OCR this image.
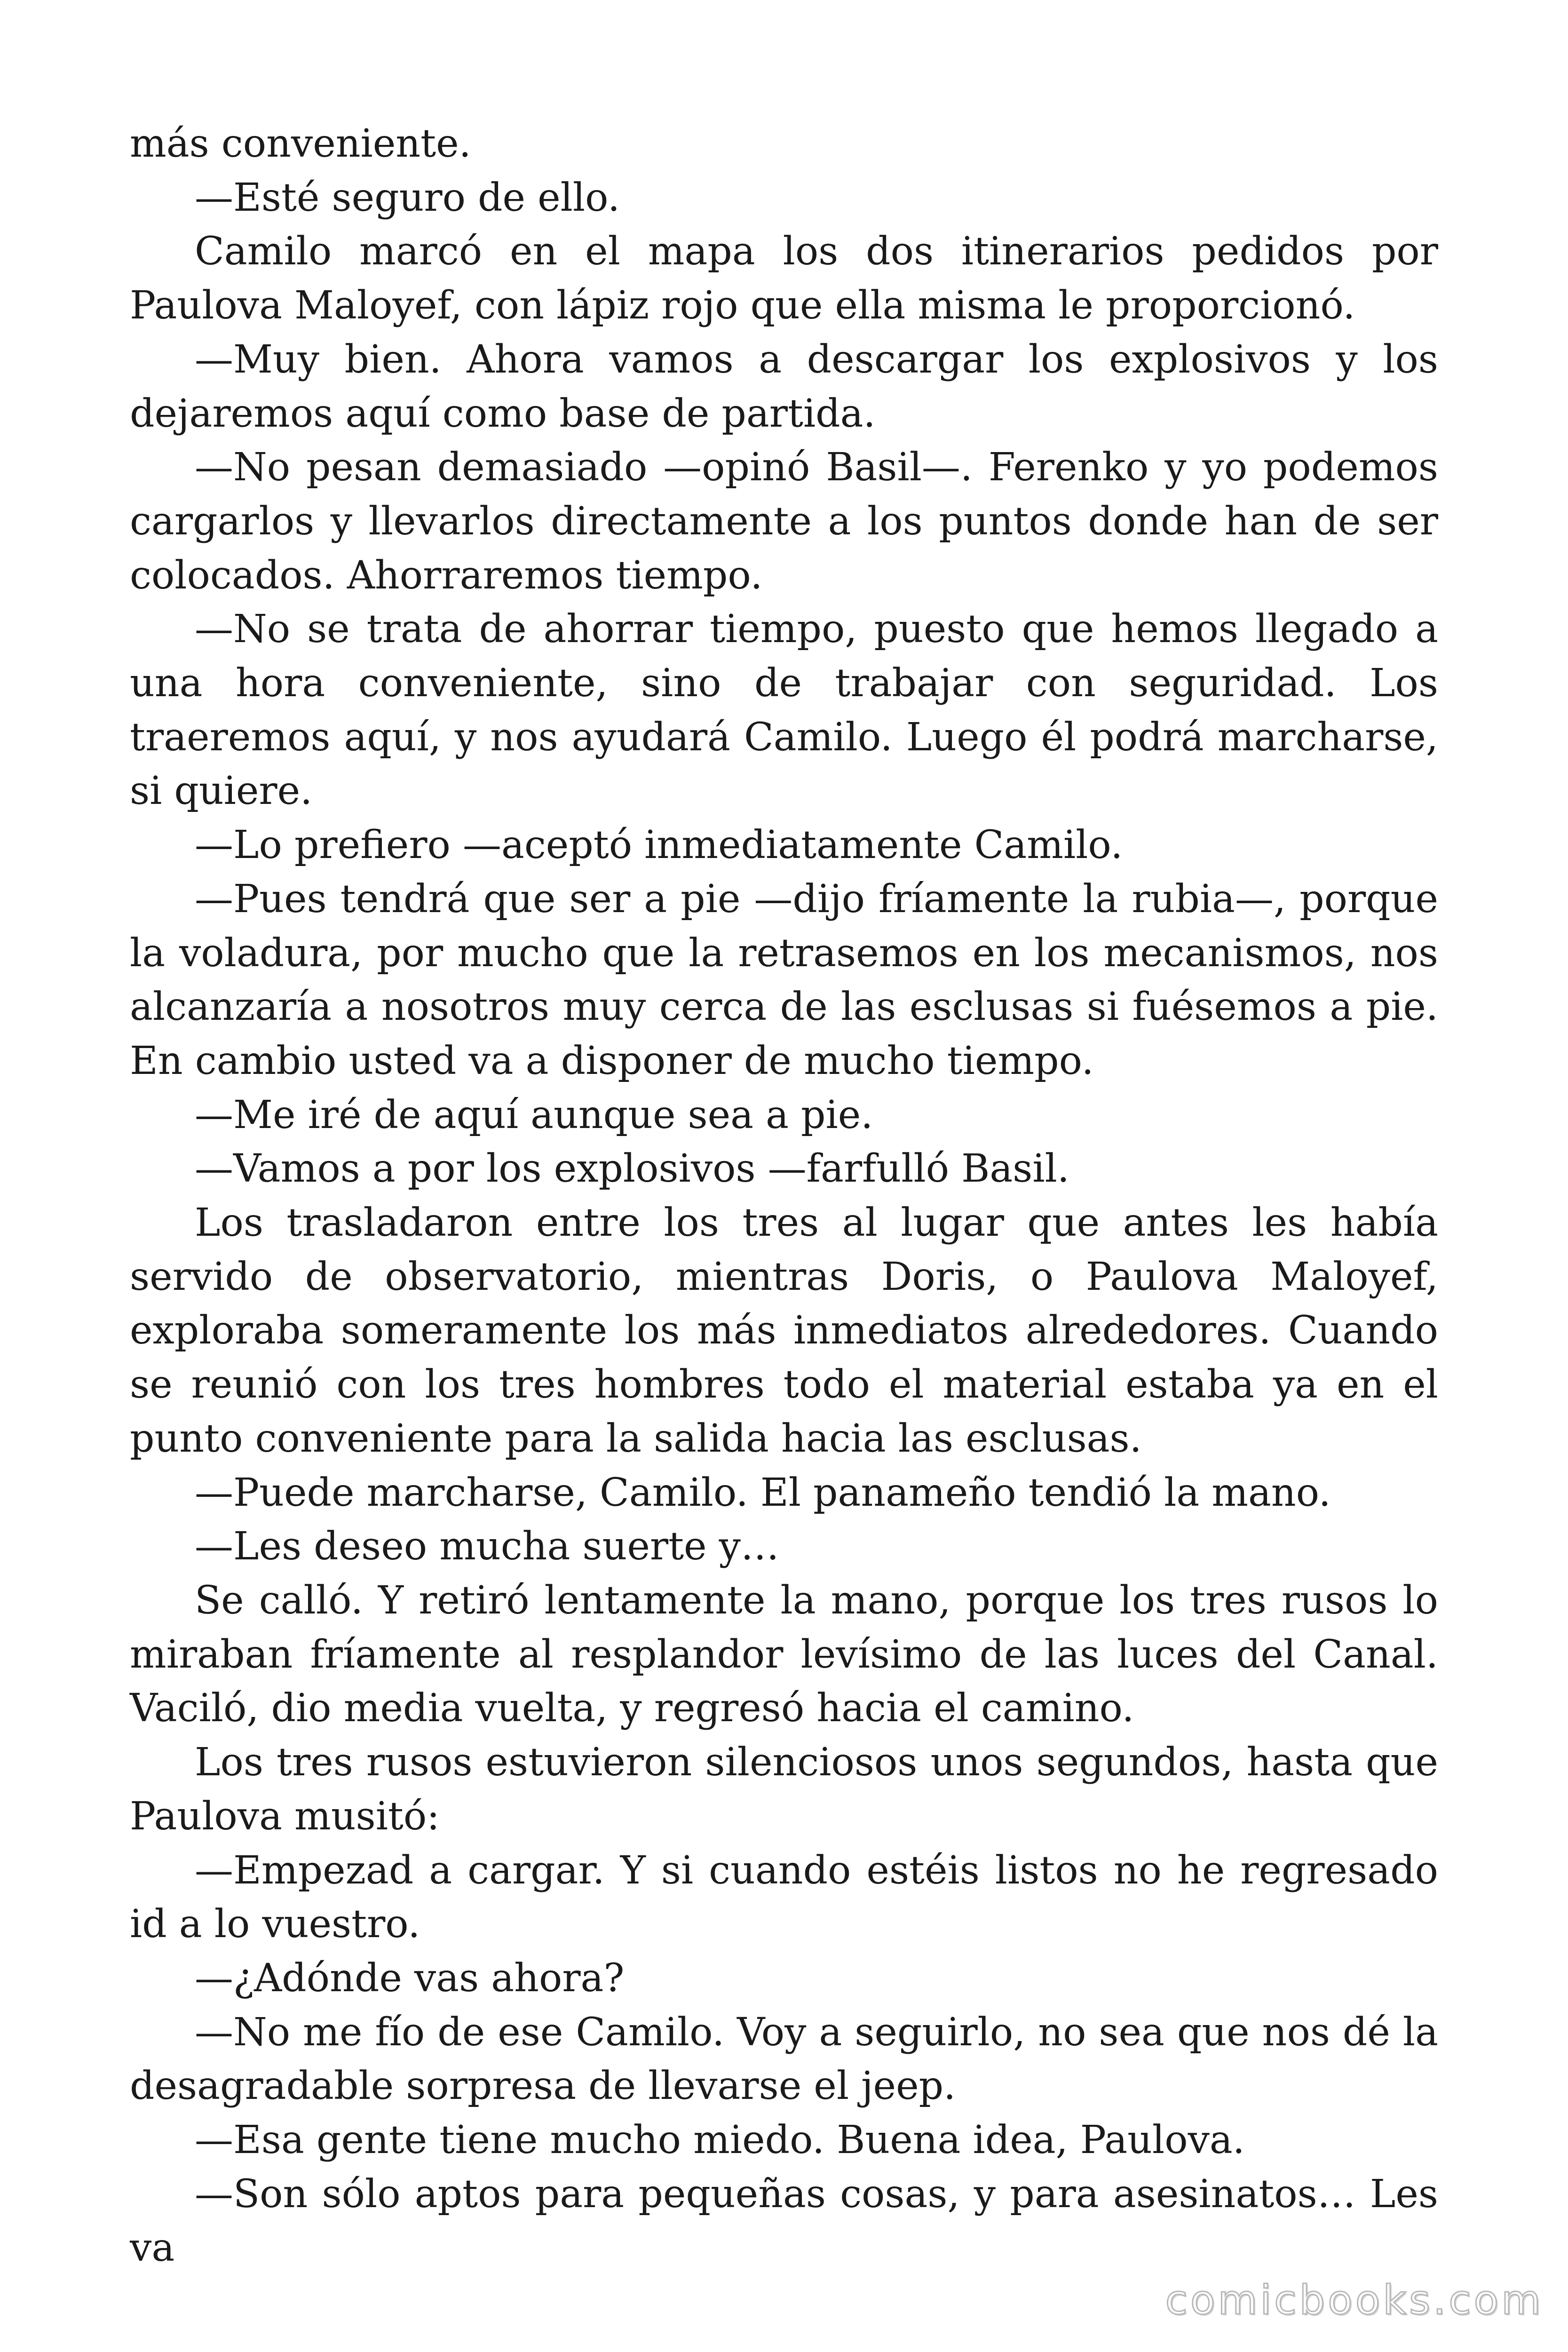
más conveniente.

—Esté seguro de ello.

Camilo marcó en el mapa los dos itinerarios pedidos por Paulova Maloyef, con lápiz rojo que ella misma le proporcionó.

—Muy bien. Ahora vamos a descargar los explosivos y los dejaremos aquí como base de partida.

—No pesan demasiado —opinó Basil—. Ferenko y yo podemos cargarlos y llevarlos directamente a los puntos donde han de ser colocados. Ahorraremos tiempo.

—No se trata de ahorrar tiempo, puesto que hemos llegado a una hora conveniente, sino de trabajar con seguridad. Los traeremos aquí, y nos ayudará Camilo. Luego él podrá marcharse, si quiere.

—Lo prefiero —aceptó inmediatamente Camilo.

—Pues tendrá que ser a pie —dijo fríamente la rubia—, porque la voladura, por mucho que la retrasemos en los mecanismos, nos alcanzaría a nosotros muy cerca de las esclusas si fuésemos a pie. En cambio usted va a disponer de mucho tiempo.

—Me iré de aquí aunque sea a pie.

—Vamos a por los explosivos —farfulló Basil.

Los trasladaron entre los tres al lugar que antes les había servido de observatorio, mientras Doris, o Paulova Maloyef, exploraba someramente los más inmediatos alrededores. Cuando se reunió con los tres hombres todo el material estaba ya en el punto conveniente para la salida hacia las esclusas.

—Puede marcharse, Camilo. El panameño tendió la mano.

—Les deseo mucha suerte y…

Se calló. Y retiró lentamente la mano, porque los tres rusos lo miraban fríamente al resplandor levísimo de las luces del Canal. Vaciló, dio media vuelta, y regresó hacia el camino.

Los tres rusos estuvieron silenciosos unos segundos, hasta que Paulova musitó:

—Empezad a cargar. Y si cuando estéis listos no he regresado id a lo vuestro.

—¿Adónde vas ahora?

—No me fío de ese Camilo. Voy a seguirlo, no sea que nos dé la desagradable sorpresa de llevarse el jeep.

—Esa gente tiene mucho miedo. Buena idea, Paulova.

—Son sólo aptos para pequeñas cosas, y para asesinatos… Les va

comicbooks.com
